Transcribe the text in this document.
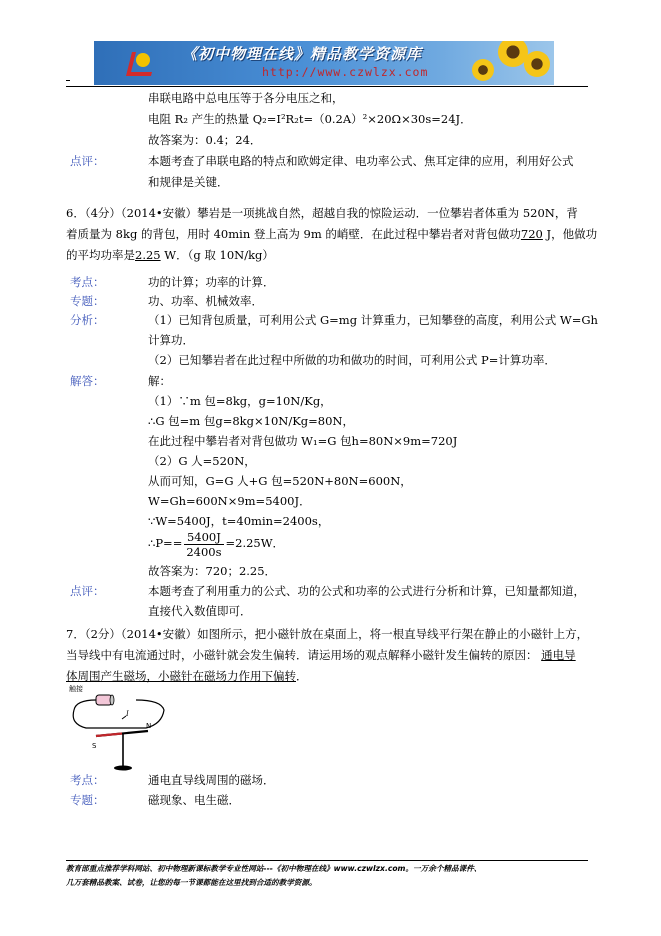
《初中物理在线》精品教学资源库
http://www.czwlzx.com
串联电路中总电压等于各分电压之和，
电阻 R₂ 产生的热量 Q₂=I²R₂t=（0.2A）²×20Ω×30s=24J．
故答案为：0.4；24．
点评：	本题考查了串联电路的特点和欧姆定律、电功率公式、焦耳定律的应用，利用好公式
和规律是关键．
6．（4分）（2014•安徽）攀岩是一项挑战自然，超越自我的惊险运动．一位攀岩者体重为 520N，背
着质量为 8kg 的背包，用时 40min 登上高为 9m 的峭壁．在此过程中攀岩者对背包做功720 J，他做功
的平均功率是2.25 W．（g 取 10N/kg）
考点：	功的计算；功率的计算．
专题：	功、功率、机械效率．
分析：	（1）已知背包质量，可利用公式 G=mg 计算重力，已知攀登的高度，利用公式 W=Gh
计算功．
（2）已知攀岩者在此过程中所做的功和做功的时间，可利用公式 P=计算功率．
解答：	解：
（1）∵m 包=8kg，g=10N/Kg，
∴G 包=m 包g=8kg×10N/Kg=80N，
在此过程中攀岩者对背包做功 W₁=G 包h=80N×9m=720J
（2）G 人=520N，
从而可知，G=G 人+G 包=520N+80N=600N，
W=Gh=600N×9m=5400J．
∵W=5400J，t=40min=2400s，
∴P== $\frac{5400J}{2400s} =2.25W$．
故答案为：720；2.25．
点评：	本题考查了利用重力的公式、功的公式和功率的公式进行分析和计算，已知量都知道，
直接代入数值即可．
7．（2分）（2014•安徽）如图所示，把小磁针放在桌面上，将一根直导线平行架在静止的小磁针上方，
当导线中有电流通过时，小磁针就会发生偏转．请运用场的观点解释小磁针发生偏转的原因： 通电导
体周围产生磁场，小磁针在磁场力作用下偏转．
触接
S
N
I
考点：	通电直导线周围的磁场．
专题：	磁现象、电生磁．
教育部重点推荐学科网站、初中物理新课标教学专业性网站---《初中物理在线》www.czwlzx.com。一万余个精品课件、
几万套精品教案、试卷，让您的每一节课都能在这里找到合适的教学资源。
